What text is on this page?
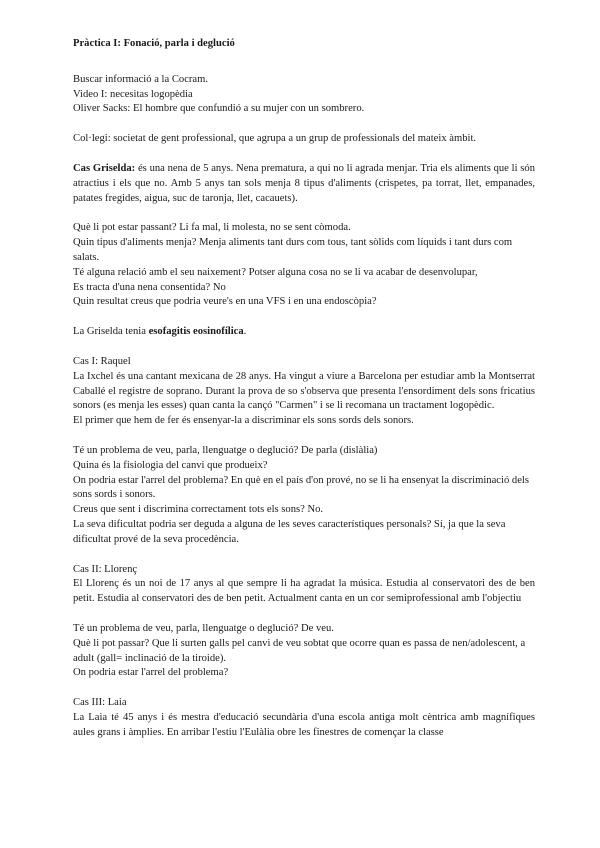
Pràctica I: Fonació, parla i deglució

Buscar informació a la Cocram.

Video I: necesitas logopèdia

Oliver Sacks: El hombre que confundió a su mujer con un sombrero.

Col·legi: societat de gent professional, que agrupa a un grup de professionals del mateix àmbit.

Cas Griselda: és una nena de 5 anys. Nena prematura, a qui no li agrada menjar. Tria els aliments que li són atractius i els que no. Amb 5 anys tan sols menja 8 tipus d'aliments (crispetes, pa torrat, llet, empanades, patates fregides, aigua, suc de taronja, llet, cacauets).

Què li pot estar passant? Li fa mal, li molesta, no se sent còmoda.

Quin tipus d'aliments menja? Menja aliments tant durs com tous, tant sòlids com líquids i tant durs com salats.

Té alguna relació amb el seu naixement? Potser alguna cosa no se li va acabar de desenvolupar,

Es tracta d'una nena consentida? No

Quin resultat creus que podria veure's en una VFS i en una endoscòpia?

La Griselda tenia esofagitis eosinofílica.

Cas I: Raquel

La Ixchel és una cantant mexicana de 28 anys. Ha vingut a viure a Barcelona per estudiar amb la Montserrat Caballé el registre de soprano. Durant la prova de so s'observa que presenta l'ensordiment dels sons fricatius sonors (es menja les esses) quan canta la cançó "Carmen" i se li recomana un tractament logopèdic.

El primer que hem de fer és ensenyar-la a discriminar els sons sords dels sonors.

Té un problema de veu, parla, llenguatge o deglució? De parla (dislàlia)

Quina és la fisiologia del canvi que produeix?

On podria estar l'arrel del problema? En què en el país d'on prové, no se li ha ensenyat la discriminació dels sons sords i sonors.

Creus que sent i discrimina correctament tots els sons? No.

La seva dificultat podria ser deguda a alguna de les seves característiques personals? Sí, ja que la seva dificultat prové de la seva procedència.

Cas II: Llorenç

El Llorenç és un noi de 17 anys al que sempre li ha agradat la música. Estudia al conservatori des de ben petit. Estudia al conservatori des de ben petit. Actualment canta en un cor semiprofessional amb l'objectiu

Té un problema de veu, parla, llenguatge o deglució? De veu.

Què li pot passar? Que li surten galls pel canvi de veu sobtat que ocorre quan es passa de nen/adolescent, a adult (gall= inclinació de la tiroide).

On podria estar l'arrel del problema?

Cas III: Laia

La Laia té 45 anys i és mestra d'educació secundària d'una escola antiga molt cèntrica amb magnífiques aules grans i àmplies. En arribar l'estiu l'Eulàlia obre les finestres de començar la classe
